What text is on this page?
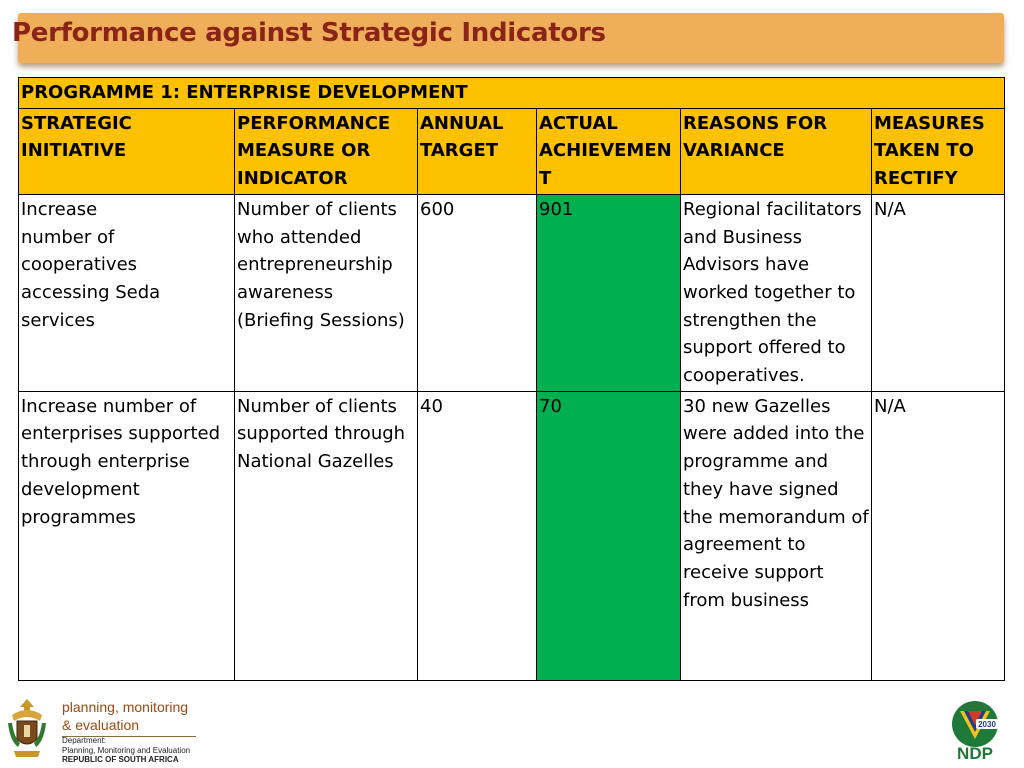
Performance against Strategic Indicators
PROGRAMME 1: ENTERPRISE DEVELOPMENT					
STRATEGIC INITIATIVE	PERFORMANCE MEASURE OR INDICATOR	ANNUAL TARGET	ACTUAL ACHIEVEMENT	REASONS FOR VARIANCE	MEASURES TAKEN TO RECTIFY
Increase number of cooperatives accessing Seda services	Number of clients who attended entrepreneurship awareness (Briefing Sessions)	600	901	Regional facilitators and Business Advisors have worked together to strengthen the support offered to cooperatives.	N/A
Increase number of enterprises supported through enterprise development programmes	Number of clients supported through National Gazelles	40	70	30 new Gazelles were added into the programme and they have signed the memorandum of agreement to receive support from business	N/A
planning, monitoring
& evaluation
Department:
Planning, Monitoring and Evaluation
REPUBLIC OF SOUTH AFRICA
2030
NDP
